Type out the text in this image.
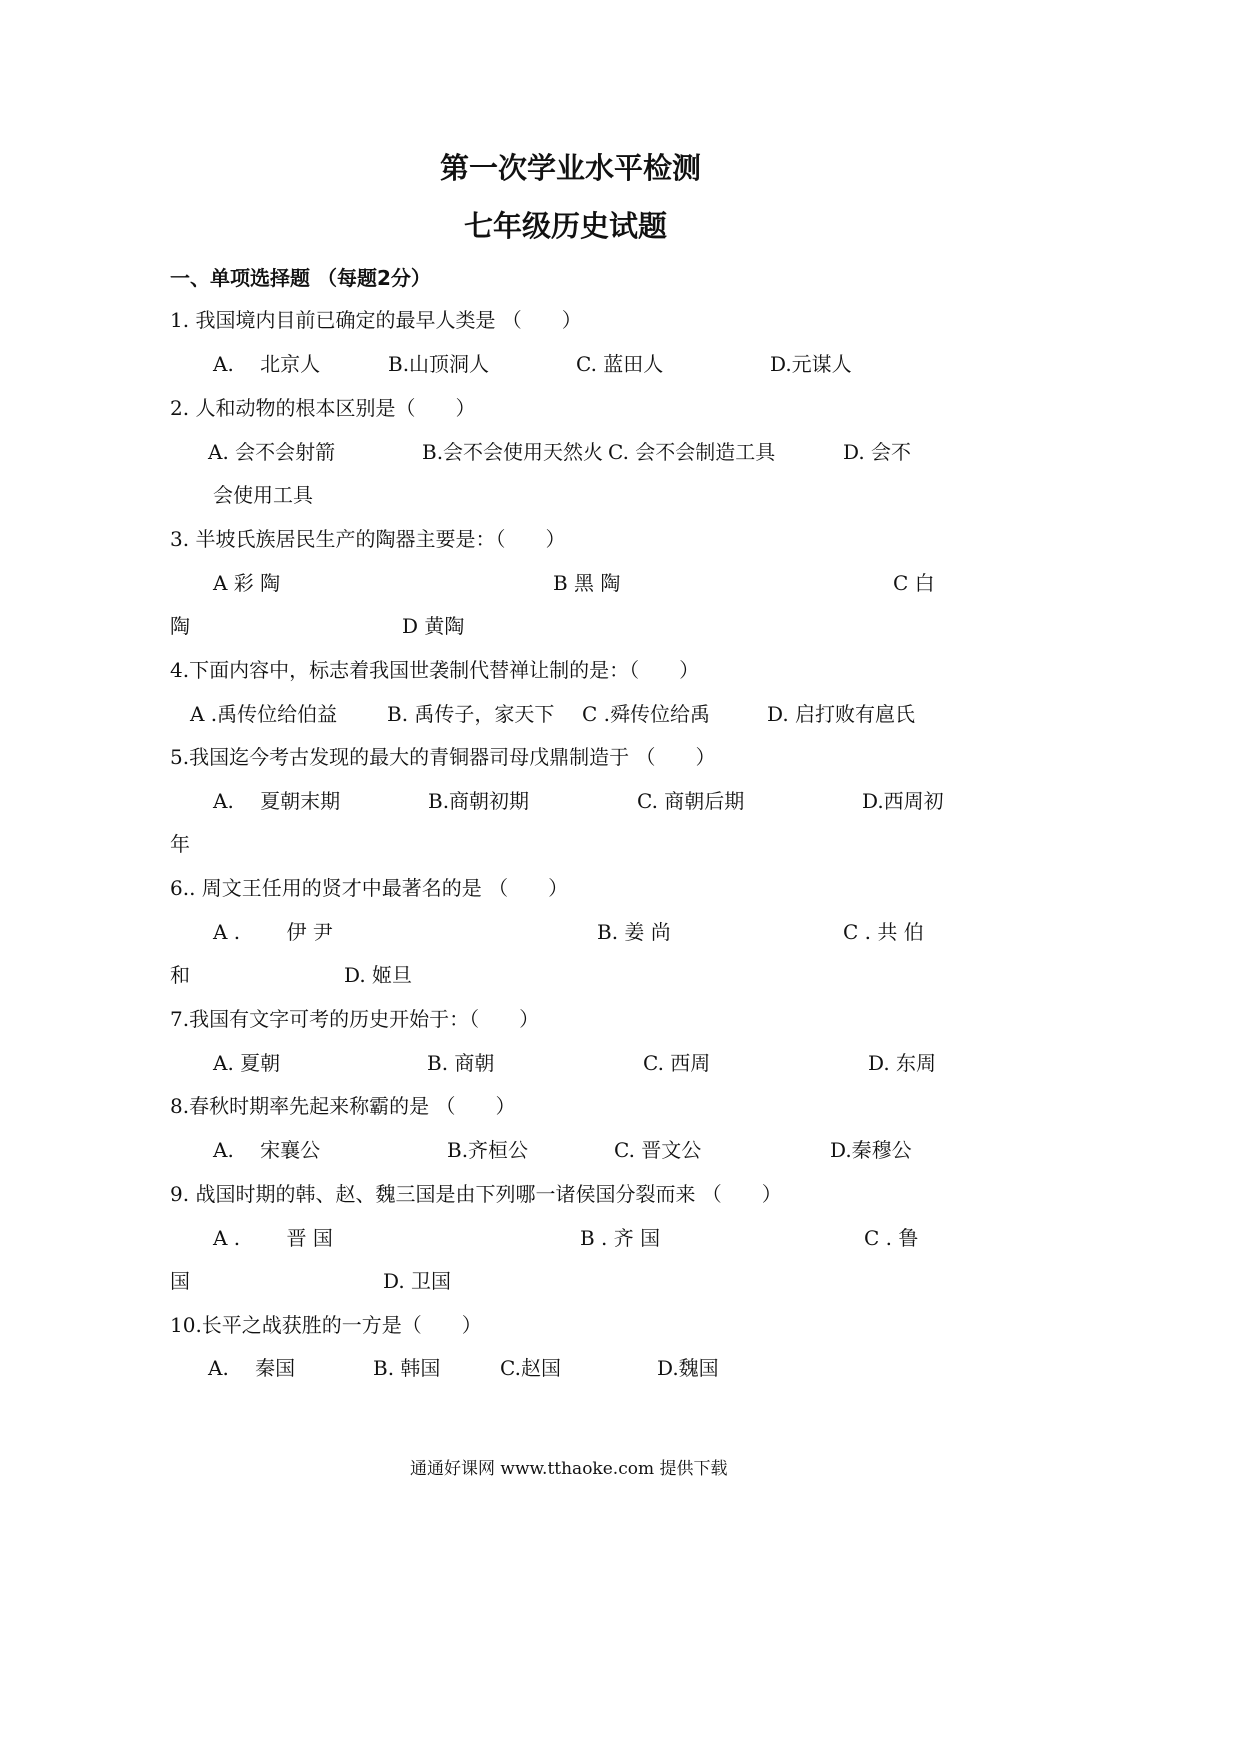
第一次学业水平检测
七年级历史试题
一、单项选择题 （每题2分）
1. 我国境内目前已确定的最早人类是 （　　）
A.　 北京人	B.山顶洞人	C. 蓝田人	D.元谋人
2. 人和动物的根本区别是（　　）
A. 会不会射箭	B.会不会使用天然火 C. 会不会制造工具	D. 会不
会使用工具
3. 半坡氏族居民生产的陶器主要是：（　　）
A 彩 陶	B 黑 陶	C 白
陶	D 黄陶
4.下面内容中，标志着我国世袭制代替禅让制的是：（　　）
A .禹传位给伯益 B. 禹传子，家天下 C .舜传位给禹	D. 启打败有扈氏
5.我国迄今考古发现的最大的青铜器司母戊鼎制造于 （　　）
A.　 夏朝末期	B.商朝初期	C. 商朝后期	D.西周初
年
6.. 周文王任用的贤才中最著名的是 （　　）
A .　　 伊 尹	B. 姜 尚	C . 共 伯
和	D. 姬旦
7.我国有文字可考的历史开始于：（　　）
A. 夏朝	B. 商朝	C. 西周	D. 东周
8.春秋时期率先起来称霸的是 （　　）
A.　 宋襄公	B.齐桓公	C. 晋文公	D.秦穆公
9. 战国时期的韩、赵、魏三国是由下列哪一诸侯国分裂而来 （　　）
A .　　 晋 国	B . 齐 国	C . 鲁
国	D. 卫国
10.长平之战获胜的一方是（　　）
A.　 秦国	B. 韩国	C.赵国	D.魏国
通通好课网 www.tthaoke.com 提供下载
